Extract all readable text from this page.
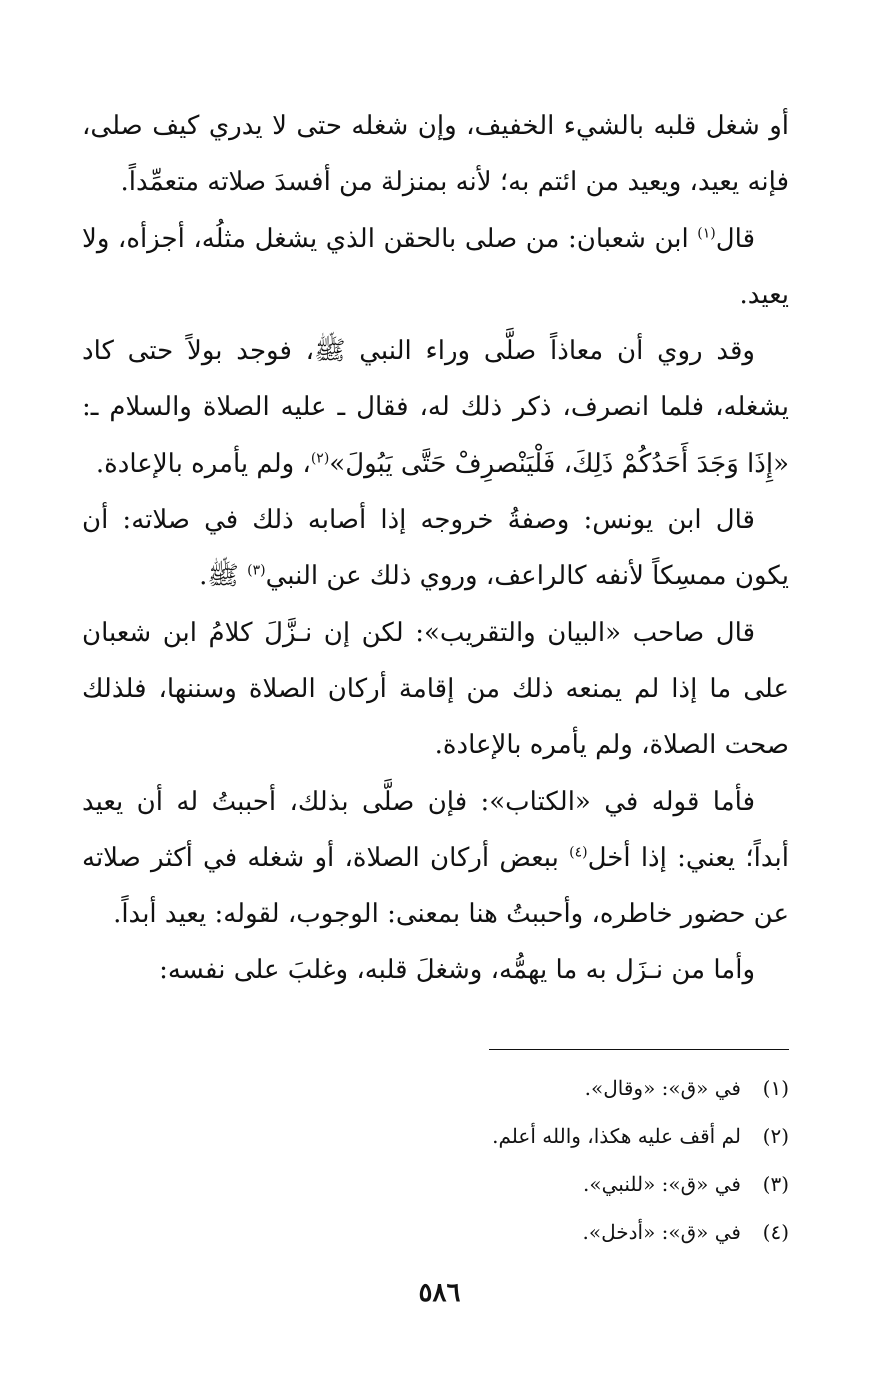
أو شغل قلبه بالشيء الخفيف، وإن شغله حتى لا يدري كيف صلى، فإنه يعيد، ويعيد من ائتم به؛ لأنه بمنزلة من أفسدَ صلاته متعمِّداً.

قال$^{(١)}$ ابن شعبان: من صلى بالحقن الذي يشغل مثلُه، أجزأه، ولا يعيد.

وقد روي أن معاذاً صلَّى وراء النبي ﷺ، فوجد بولاً حتى كاد يشغله، فلما انصرف، ذكر ذلك له، فقال ـ عليه الصلاة والسلام ـ: «إِذَا وَجَدَ أَحَدُكُمْ ذَلِكَ، فَلْيَنْصرِفْ حَتَّى يَبُولَ»$^{(٢)}$، ولم يأمره بالإعادة.

قال ابن يونس: وصفةُ خروجه إذا أصابه ذلك في صلاته: أن يكون ممسِكاً لأنفه كالراعف، وروي ذلك عن النبي$^{(٣)}$ ﷺ.

قال صاحب «البيان والتقريب»: لكن إن نـزَّلَ كلامُ ابن شعبان على ما إذا لم يمنعه ذلك من إقامة أركان الصلاة وسننها، فلذلك صحت الصلاة، ولم يأمره بالإعادة.

فأما قوله في «الكتاب»: فإن صلَّى بذلك، أحببتُ له أن يعيد أبداً؛ يعني: إذا أخل$^{(٤)}$ ببعض أركان الصلاة، أو شغله في أكثر صلاته عن حضور خاطره، وأحببتُ هنا بمعنى: الوجوب، لقوله: يعيد أبداً.

وأما من نـزَل به ما يهمُّه، وشغلَ قلبه، وغلبَ على نفسه:

(١)
في «ق»: «وقال».
(٢)
لم أقف عليه هكذا، والله أعلم.
(٣)
في «ق»: «للنبي».
(٤)
في «ق»: «أدخل».
٥٨٦
